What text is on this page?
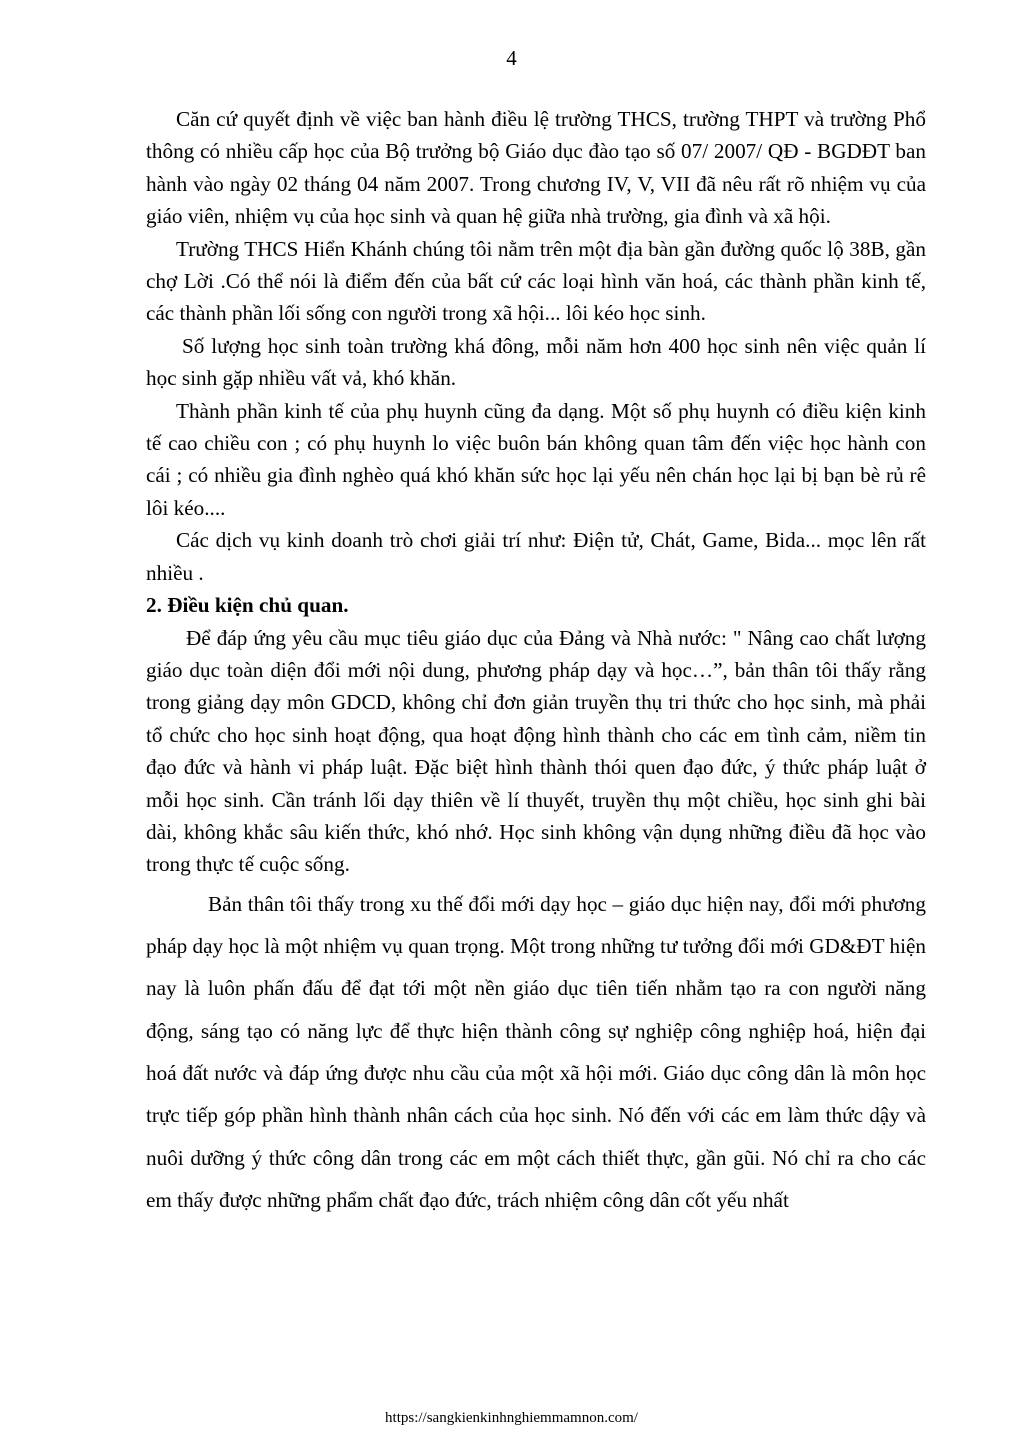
4

Căn cứ quyết định về việc ban hành điều lệ trường THCS, trường THPT và trường Phổ thông có nhiều cấp học của Bộ trưởng bộ Giáo dục đào tạo số 07/ 2007/ QĐ - BGDĐT ban hành vào ngày 02 tháng 04 năm 2007. Trong chương IV, V, VII đã nêu rất rõ nhiệm vụ của giáo viên, nhiệm vụ của học sinh và quan hệ giữa nhà trường, gia đình và xã hội.

Trường THCS Hiển Khánh chúng tôi nằm trên một địa bàn gần đường quốc lộ 38B, gần chợ Lời .Có thể nói là điểm đến của bất cứ các loại hình văn hoá, các thành phần kinh tế, các thành phần lối sống con người trong xã hội... lôi kéo học sinh.

Số lượng học sinh toàn trường khá đông, mỗi năm hơn 400 học sinh nên việc quản lí học sinh gặp nhiều vất vả, khó khăn.

Thành phần kinh tế của phụ huynh cũng đa dạng. Một số phụ huynh có điều kiện kinh tế cao chiều con ; có phụ huynh lo việc buôn bán không quan tâm đến việc học hành con cái ; có nhiều gia đình nghèo quá khó khăn sức học lại yếu nên chán học lại bị bạn bè rủ rê lôi kéo....

Các dịch vụ kinh doanh trò chơi giải trí như: Điện tử, Chát, Game, Bida... mọc lên rất nhiều .

2. Điều kiện chủ quan.

Để đáp ứng yêu cầu mục tiêu giáo dục của Đảng và Nhà nước: " Nâng cao chất lượng giáo dục toàn diện đổi mới nội dung, phương pháp dạy và học…”, bản thân tôi thấy rằng trong giảng dạy môn GDCD, không chỉ đơn giản truyền thụ tri thức cho học sinh, mà phải tổ chức cho học sinh hoạt động, qua hoạt động hình thành cho các em tình cảm, niềm tin đạo đức và hành vi pháp luật. Đặc biệt hình thành thói quen đạo đức, ý thức pháp luật ở mỗi học sinh. Cần tránh lối dạy thiên về lí thuyết, truyền thụ một chiều, học sinh ghi bài dài, không khắc sâu kiến thức, khó nhớ. Học sinh không vận dụng những điều đã học vào trong thực tế cuộc sống.

Bản thân tôi thấy trong xu thế đổi mới dạy học – giáo dục hiện nay, đổi mới phương pháp dạy học là một nhiệm vụ quan trọng. Một trong những tư tưởng đổi mới GD&ĐT hiện nay là luôn phấn đấu để đạt tới một nền giáo dục tiên tiến nhằm tạo ra con người năng động, sáng tạo có năng lực để thực hiện thành công sự nghiệp công nghiệp hoá, hiện đại hoá đất nước và đáp ứng được nhu cầu của một xã hội mới. Giáo dục công dân là môn học trực tiếp góp phần hình thành nhân cách của học sinh. Nó đến với các em làm thức dậy và nuôi dưỡng ý thức công dân trong các em một cách thiết thực, gần gũi. Nó chỉ ra cho các em thấy được những phẩm chất đạo đức, trách nhiệm công dân cốt yếu nhất

https://sangkienkinhnghiemmamnon.com/
